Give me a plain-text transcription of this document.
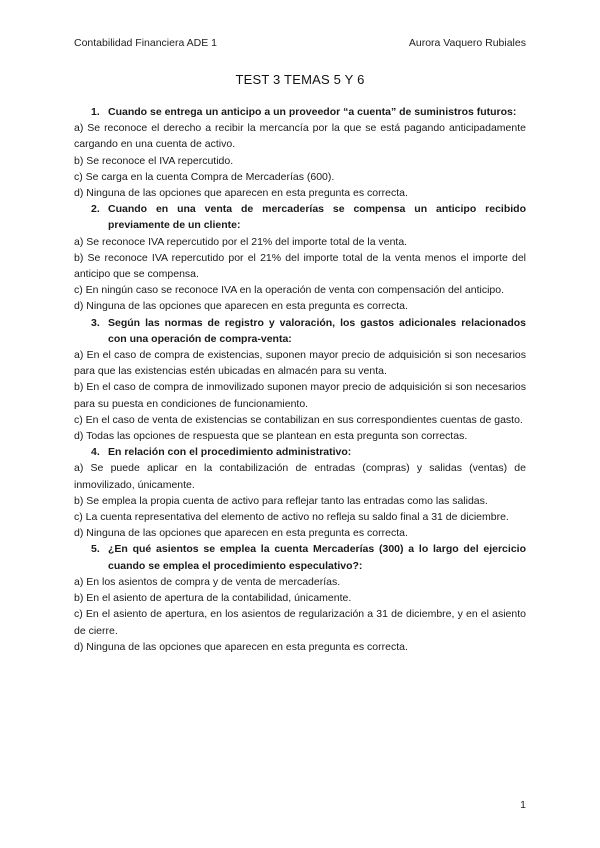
Contabilidad Financiera ADE 1	Aurora Vaquero Rubiales
TEST 3 TEMAS 5 Y 6
1. Cuando se entrega un anticipo a un proveedor “a cuenta” de suministros futuros:
a) Se reconoce el derecho a recibir la mercancía por la que se está pagando anticipadamente cargando en una cuenta de activo.
b) Se reconoce el IVA repercutido.
c) Se carga en la cuenta Compra de Mercaderías (600).
d) Ninguna de las opciones que aparecen en esta pregunta es correcta.
2. Cuando en una venta de mercaderías se compensa un anticipo recibido previamente de un cliente:
a) Se reconoce IVA repercutido por el 21% del importe total de la venta.
b) Se reconoce IVA repercutido por el 21% del importe total de la venta menos el importe del anticipo que se compensa.
c) En ningún caso se reconoce IVA en la operación de venta con compensación del anticipo.
d) Ninguna de las opciones que aparecen en esta pregunta es correcta.
3. Según las normas de registro y valoración, los gastos adicionales relacionados con una operación de compra-venta:
a) En el caso de compra de existencias, suponen mayor precio de adquisición si son necesarios para que las existencias estén ubicadas en almacén para su venta.
b) En el caso de compra de inmovilizado suponen mayor precio de adquisición si son necesarios para su puesta en condiciones de funcionamiento.
c) En el caso de venta de existencias se contabilizan en sus correspondientes cuentas de gasto.
d) Todas las opciones de respuesta que se plantean en esta pregunta son correctas.
4. En relación con el procedimiento administrativo:
a) Se puede aplicar en la contabilización de entradas (compras) y salidas (ventas) de inmovilizado, únicamente.
b) Se emplea la propia cuenta de activo para reflejar tanto las entradas como las salidas.
c) La cuenta representativa del elemento de activo no refleja su saldo final a 31 de diciembre.
d) Ninguna de las opciones que aparecen en esta pregunta es correcta.
5. ¿En qué asientos se emplea la cuenta Mercaderías (300) a lo largo del ejercicio cuando se emplea el procedimiento especulativo?:
a) En los asientos de compra y de venta de mercaderías.
b) En el asiento de apertura de la contabilidad, únicamente.
c) En el asiento de apertura, en los asientos de regularización a 31 de diciembre, y en el asiento de cierre.
d) Ninguna de las opciones que aparecen en esta pregunta es correcta.
1
